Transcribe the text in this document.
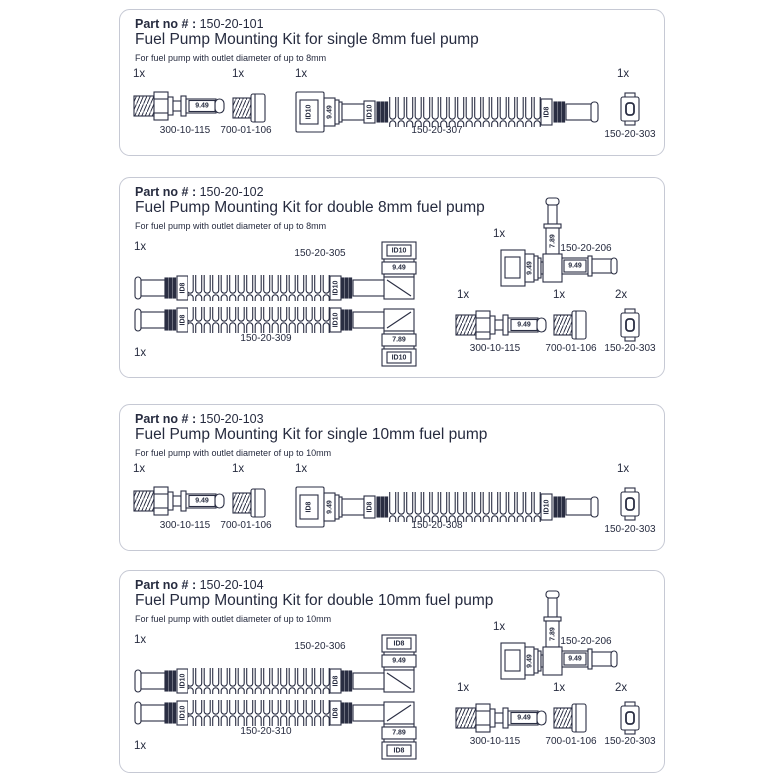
Part no # : 150-20-101
Fuel Pump Mounting Kit for single 8mm fuel pump
For fuel pump with outlet diameter of up to 8mm
1x
9.49
300-10-115
1x
700-01-106
1x
ID10 9.49	ID10	ID8
150-20-307
1x
150-20-303
Part no # : 150-20-102
Fuel Pump Mounting Kit for double 8mm fuel pump
For fuel pump with outlet diameter of up to 8mm
1x
150-20-305	ID10
9.49
ID8	ID10
ID8	ID10
7.89
ID10
150-20-309
1x
1x
150-20-206
7.89
9.49
9.49
1x
9.49
300-10-115
1x
700-01-106
2x
150-20-303
Part no # : 150-20-103
Fuel Pump Mounting Kit for single 10mm fuel pump
For fuel pump with outlet diameter of up to 10mm
1x
9.49
300-10-115
1x
700-01-106
1x
ID8 9.49	ID8	ID10
150-20-308
1x
150-20-303
Part no # : 150-20-104
Fuel Pump Mounting Kit for double 10mm fuel pump
For fuel pump with outlet diameter of up to 10mm
1x
150-20-306	ID8
9.49
ID10	ID8
ID10	ID8
7.89
ID8
150-20-310
1x
1x
150-20-206
7.89
9.49
9.49
1x
9.49
300-10-115
1x
700-01-106
2x
150-20-303
